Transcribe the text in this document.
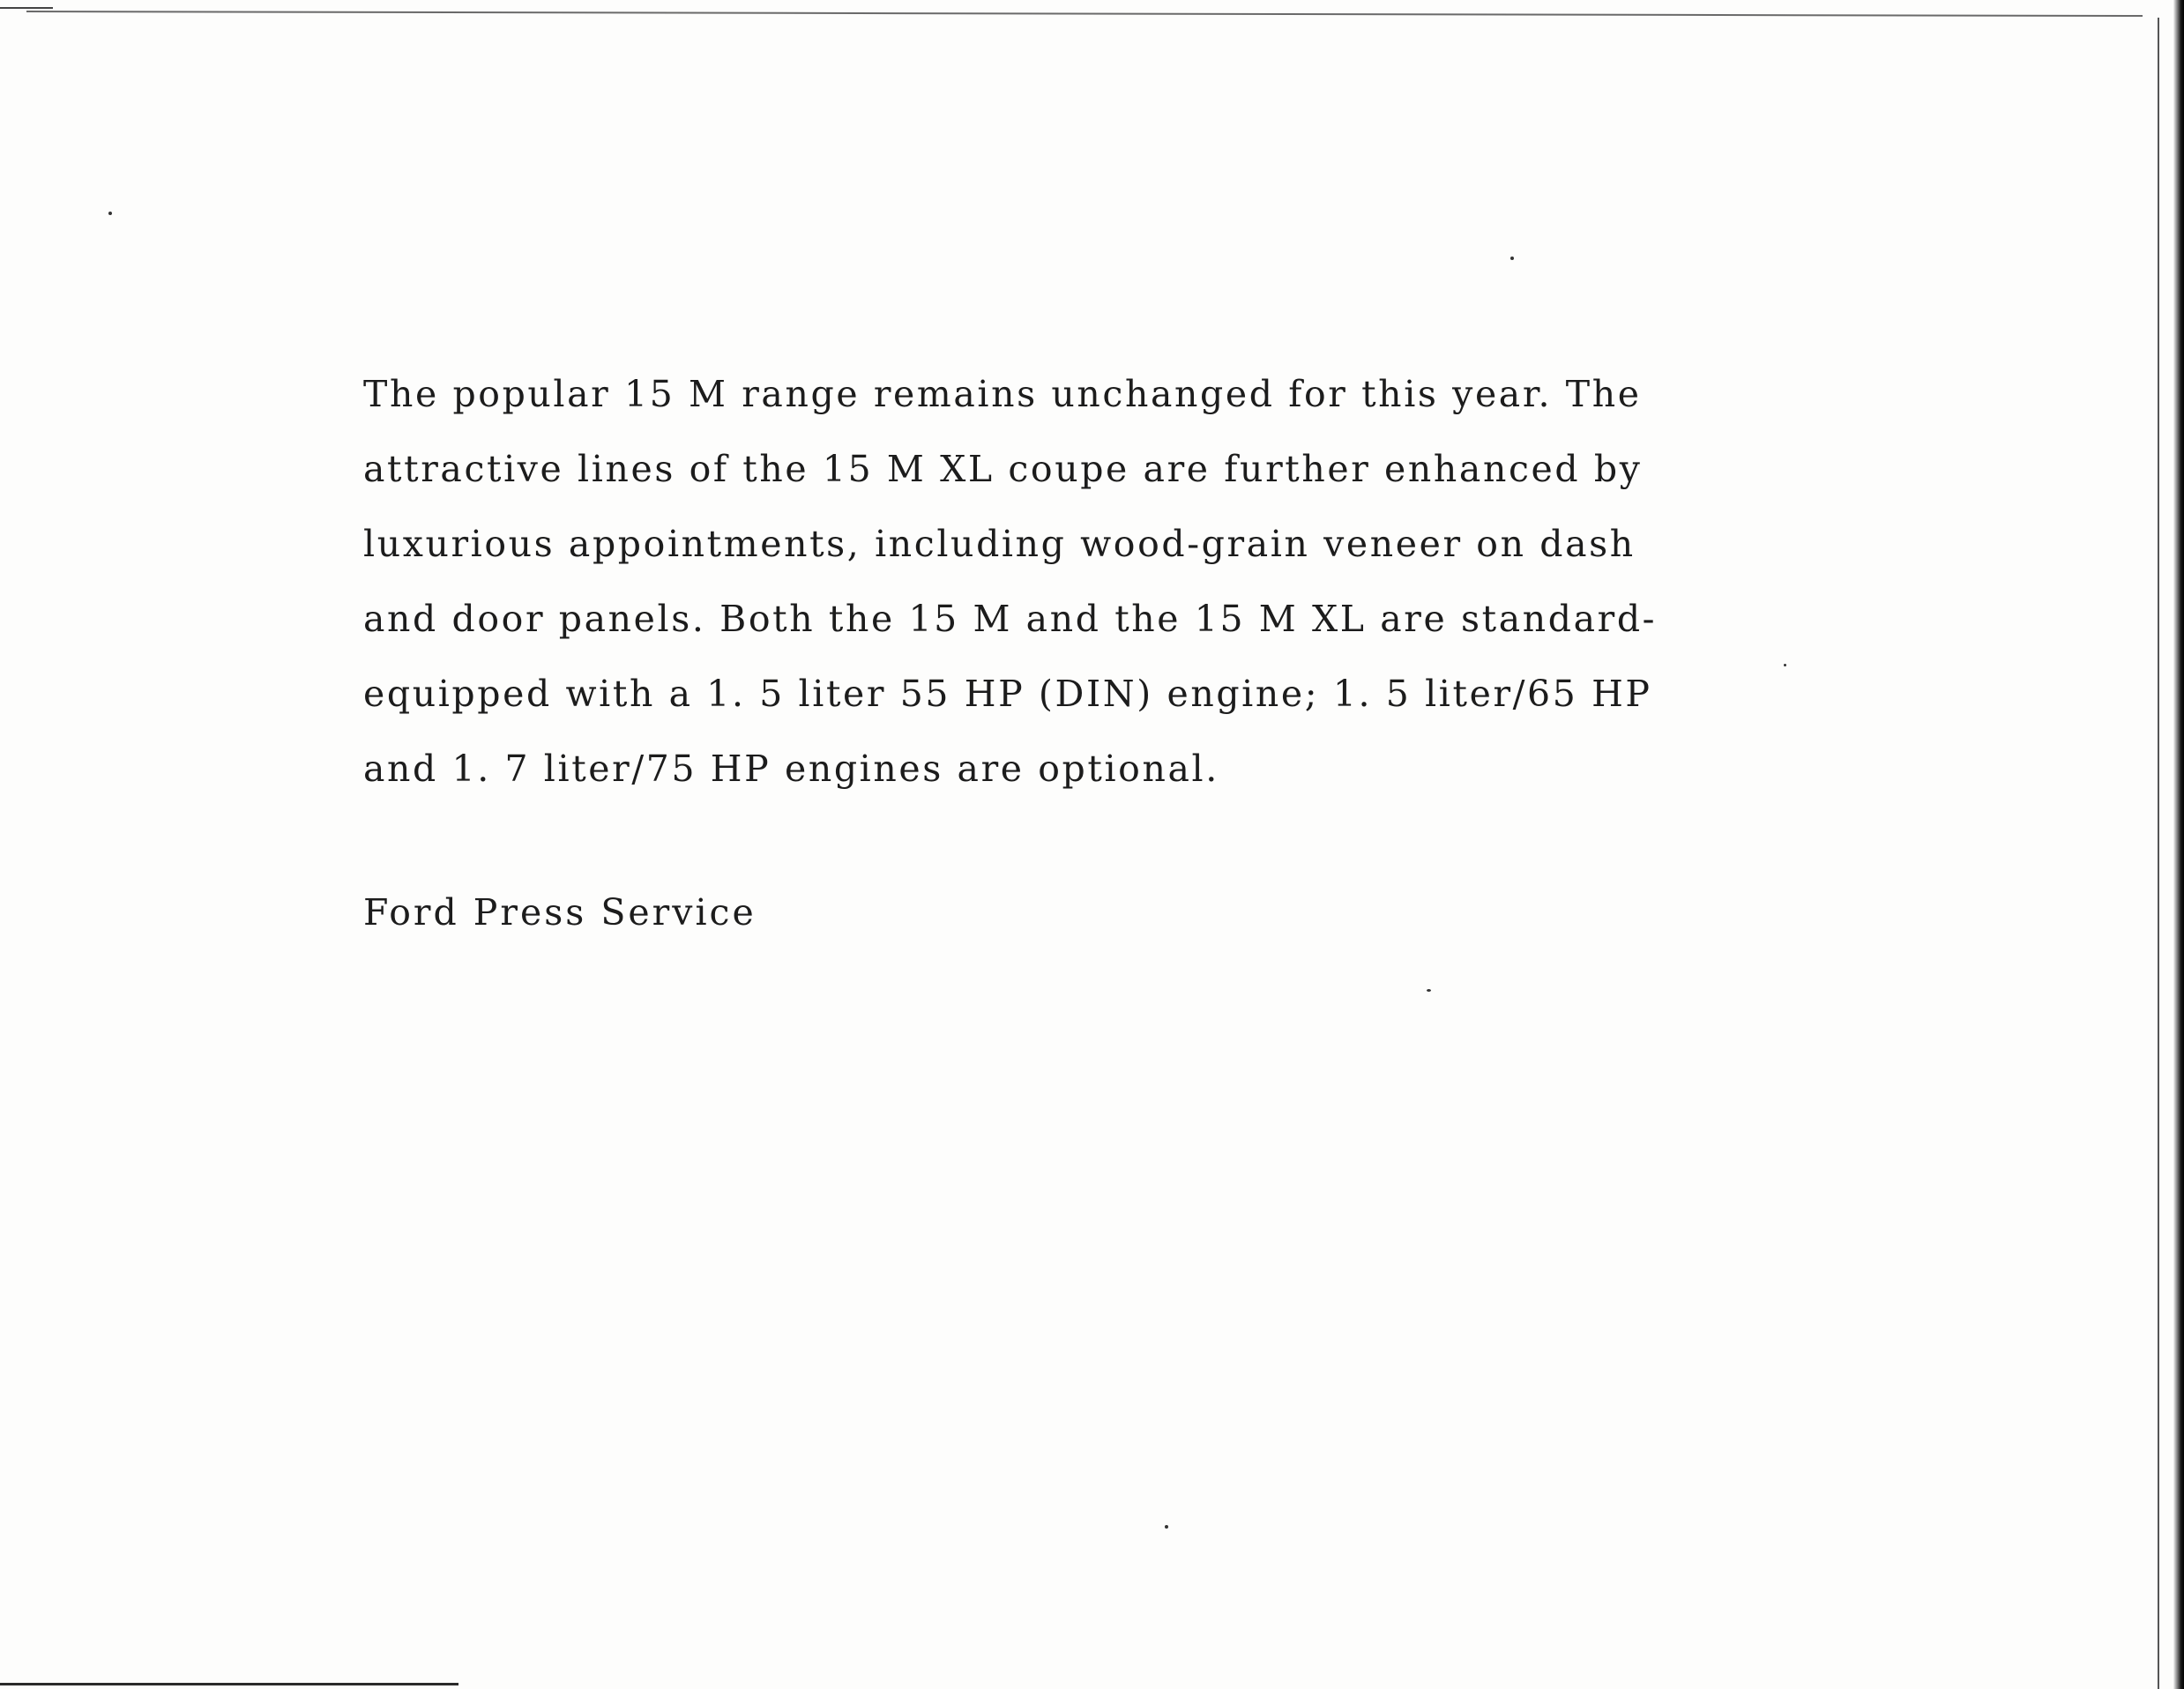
The popular 15 M range remains unchanged for this year. The
attractive lines of the 15 M XL coupe are further enhanced by
luxurious appointments, including wood-grain veneer on dash
and door panels. Both the 15 M and the 15 M XL are standard-
equipped with a 1. 5 liter 55 HP (DIN) engine; 1. 5 liter/65 HP
and 1. 7 liter/75 HP engines are optional.
Ford Press Service
